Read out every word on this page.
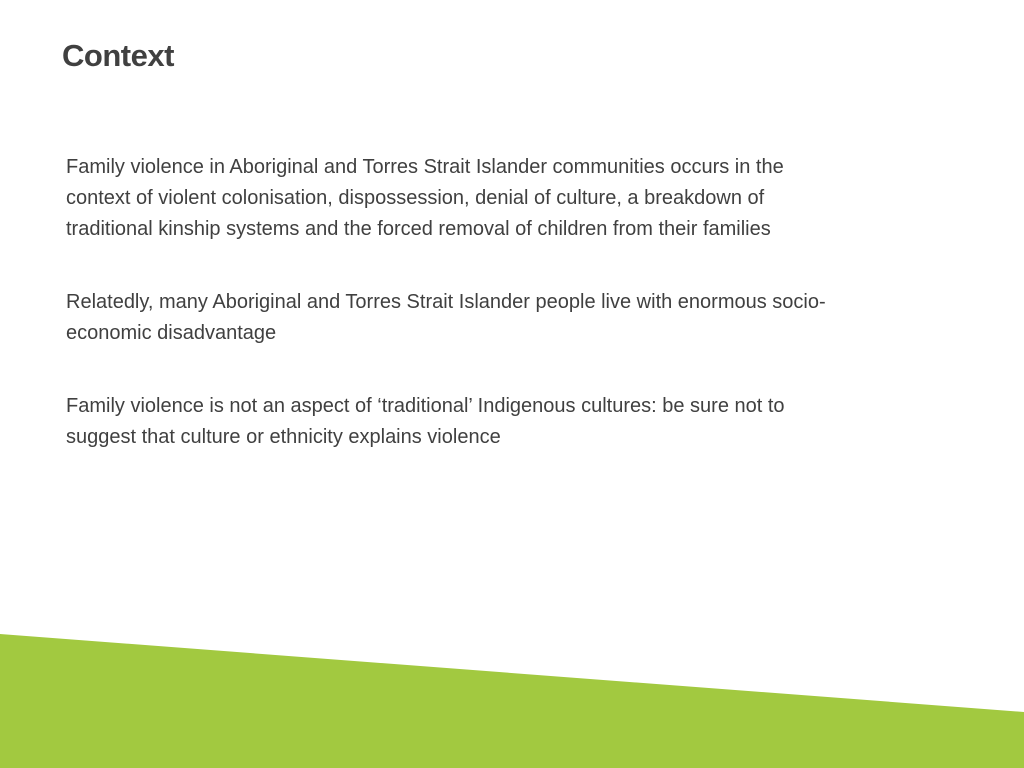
Context

Family violence in Aboriginal and Torres Strait Islander communities occurs in the context of violent colonisation, dispossession, denial of culture, a breakdown of traditional kinship systems and the forced removal of children from their families

Relatedly, many Aboriginal and Torres Strait Islander people live with enormous socio-economic disadvantage

Family violence is not an aspect of ‘traditional’ Indigenous cultures: be sure not to suggest that culture or ethnicity explains violence
